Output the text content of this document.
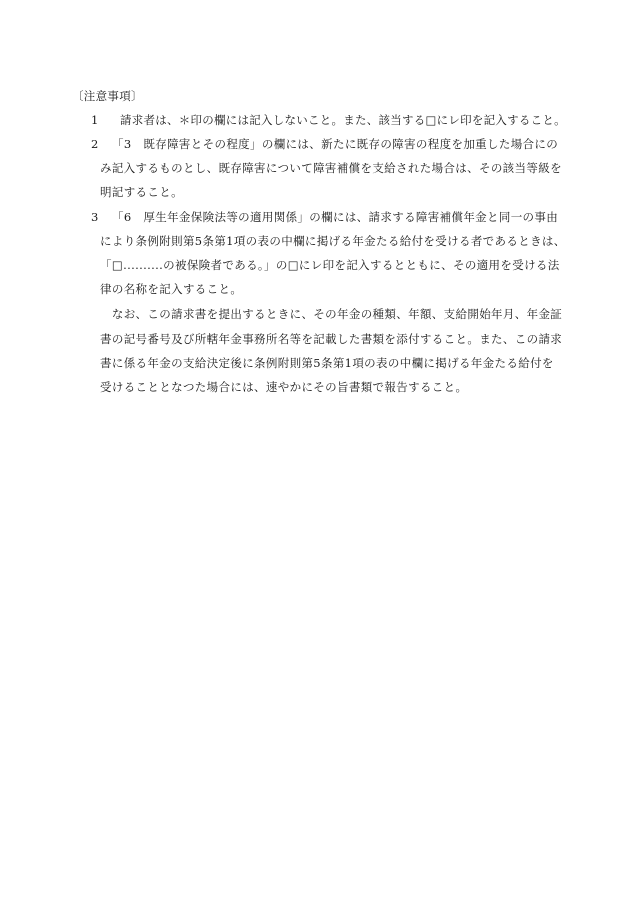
〔注意事項〕
1 請求者は、＊印の欄には記入しないこと。また、該当する□にレ印を記入すること。
2 「3　既存障害とその程度」の欄には、新たに既存の障害の程度を加重した場合にの
み記入するものとし、既存障害について障害補償を支給された場合は、その該当等級を
明記すること。
3 「6　厚生年金保険法等の適用関係」の欄には、請求する障害補償年金と同一の事由
により条例附則第5条第1項の表の中欄に掲げる年金たる給付を受ける者であるときは、
「□..........の被保険者である。」の□にレ印を記入するとともに、その適用を受ける法
律の名称を記入すること。
　なお、この請求書を提出するときに、その年金の種類、年額、支給開始年月、年金証
書の記号番号及び所轄年金事務所名等を記載した書類を添付すること。また、この請求
書に係る年金の支給決定後に条例附則第5条第1項の表の中欄に掲げる年金たる給付を
受けることとなつた場合には、速やかにその旨書類で報告すること。
